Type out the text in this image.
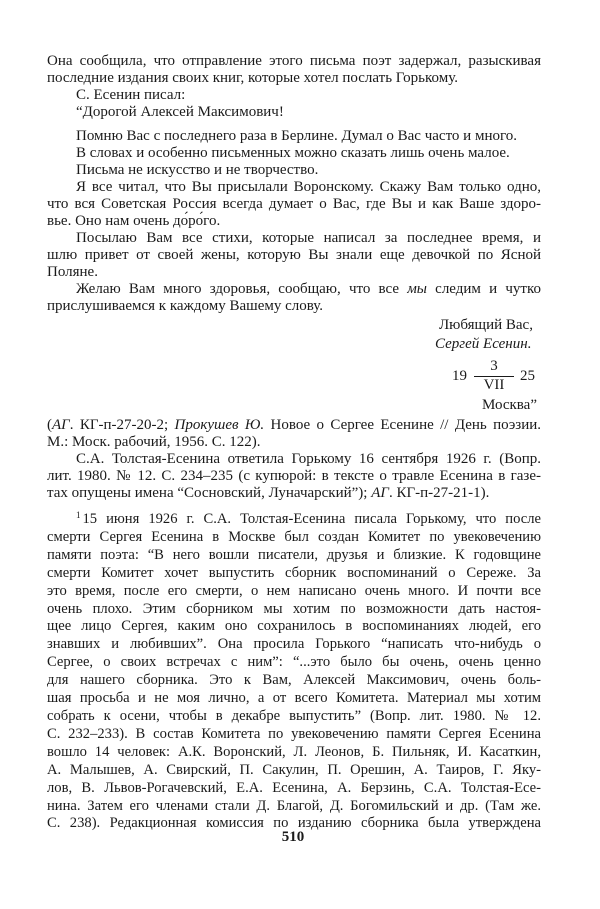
Она сообщила, что отправление этого письма поэт задержал, разыскивая
последние издания своих книг, которые хотел послать Горькому.
С. Есенин писал:
“Дорогой Алексей Максимович!
Помню Вас с последнего раза в Берлине. Думал о Вас часто и много.
В словах и особенно письменных можно сказать лишь очень малое.
Письма не искусство и не творчество.
Я все читал, что Вы присылали Воронскому. Скажу Вам только одно,
что вся Советская Россия всегда думает о Вас, где Вы и как Ваше здоро-
вье. Оно нам очень до́ро́го.
Посылаю Вам все стихи, которые написал за последнее время, и
шлю привет от своей жены, которую Вы знали еще девочкой по Ясной
Поляне.
Желаю Вам много здоровья, сообщаю, что все мы следим и чутко
прислушиваемся к каждому Вашему слову.
Любящий Вас,
Сергей Есенин.
19
3
VII
25
Москва”
(АГ. КГ-п-27-20-2; Прокушев Ю. Новое о Сергее Есенине // День поэзии.
М.: Моск. рабочий, 1956. С. 122).
С.А. Толстая-Есенина ответила Горькому 16 сентября 1926 г. (Вопр.
лит. 1980. № 12. С. 234–235 (с купюрой: в тексте о травле Есенина в газе-
тах опущены имена “Сосновский, Луначарский”); АГ. КГ-п-27-21-1).
$^1$ 15 июня 1926 г. С.А. Толстая-Есенина писала Горькому, что после
смерти Сергея Есенина в Москве был создан Комитет по увековечению
памяти поэта: “В него вошли писатели, друзья и близкие. К годовщине
смерти Комитет хочет выпустить сборник воспоминаний о Сереже. За
это время, после его смерти, о нем написано очень много. И почти все
очень плохо. Этим сборником мы хотим по возможности дать настоя-
щее лицо Сергея, каким оно сохранилось в воспоминаниях людей, его
знавших и любивших”. Она просила Горького “написать что-нибудь о
Сергее, о своих встречах с ним”: “...это было бы очень, очень ценно
для нашего сборника. Это к Вам, Алексей Максимович, очень боль-
шая просьба и не моя лично, а от всего Комитета. Материал мы хотим
собрать к осени, чтобы в декабре выпустить” (Вопр. лит. 1980. № 12.
С. 232–233). В состав Комитета по увековечению памяти Сергея Есенина
вошло 14 человек: А.К. Воронский, Л. Леонов, Б. Пильняк, И. Касаткин,
А. Малышев, А. Свирский, П. Сакулин, П. Орешин, А. Таиров, Г. Яку-
лов, В. Львов-Рогачевский, Е.А. Есенина, А. Берзинь, С.А. Толстая-Есе-
нина. Затем его членами стали Д. Благой, Д. Богомильский и др. (Там же.
С. 238). Редакционная комиссия по изданию сборника была утверждена
510
